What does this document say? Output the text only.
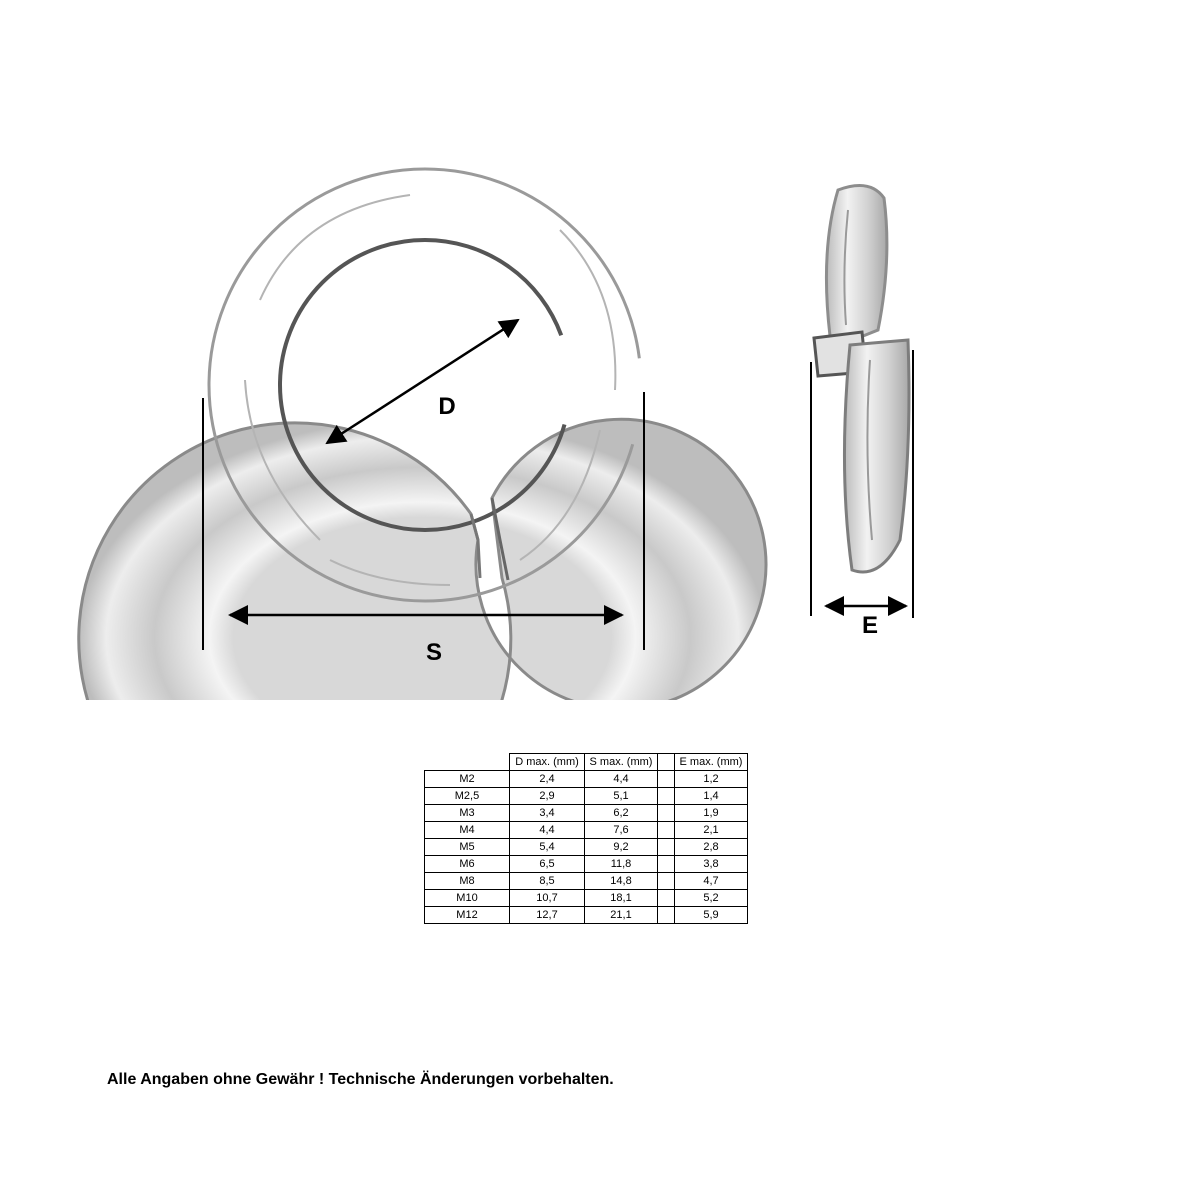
D
S
E
	D max. (mm)	S max. (mm)		E max. (mm)
M2	2,4	4,4		1,2
M2,5	2,9	5,1		1,4
M3	3,4	6,2		1,9
M4	4,4	7,6		2,1
M5	5,4	9,2		2,8
M6	6,5	11,8		3,8
M8	8,5	14,8		4,7
M10	10,7	18,1		5,2
M12	12,7	21,1		5,9
Alle Angaben ohne Gewähr ! Technische Änderungen vorbehalten.
